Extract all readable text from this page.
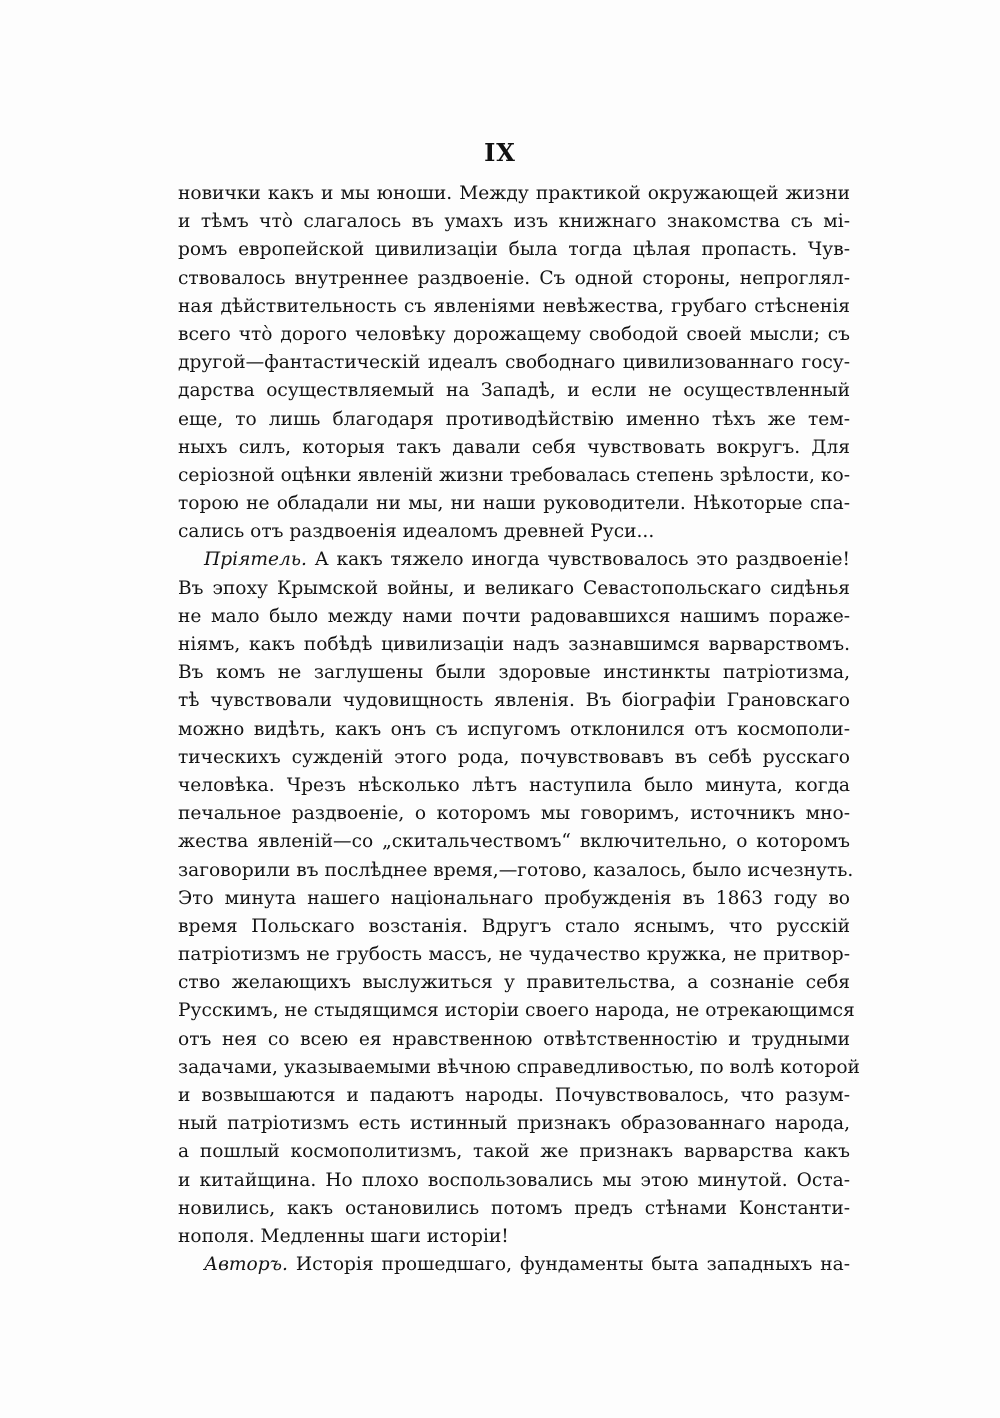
IX
новички какъ и мы юноши. Между практикой окружающей жизни
и тѣмъ что̀ слагалось въ умахъ изъ книжнаго знакомства съ мі-
ромъ европейской цивилизаціи была тогда цѣлая пропасть. Чув-
ствовалось внутреннее раздвоеніе. Съ одной стороны, непроглял-
ная дѣйствительность съ явленіями невѣжества, грубаго стѣсненія
всего что̀ дорого человѣку дорожащему свободой своей мысли; съ
другой—фантастическій идеалъ свободнаго цивилизованнаго госу-
дарства осуществляемый на Западѣ, и если не осуществленный
еще, то лишь благодаря противодѣйствію именно тѣхъ же тем-
ныхъ силъ, которыя такъ давали себя чувствовать вокругъ. Для
серіозной оцѣнки явленій жизни требовалась степень зрѣлости, ко-
торою не обладали ни мы, ни наши руководители. Нѣкоторые спа-
сались отъ раздвоенія идеаломъ древней Руси...
Пріятель. А какъ тяжело иногда чувствовалось это раздвоеніе!
Въ эпоху Крымской войны, и великаго Севастопольскаго сидѣнья
не мало было между нами почти радовавшихся нашимъ пораже-
ніямъ, какъ побѣдѣ цивилизаціи надъ зазнавшимся варварствомъ.
Въ комъ не заглушены были здоровые инстинкты патріотизма,
тѣ чувствовали чудовищность явленія. Въ біографіи Грановскаго
можно видѣть, какъ онъ съ испугомъ отклонился отъ космополи-
тическихъ сужденій этого рода, почувствовавъ въ себѣ русскаго
человѣка. Чрезъ нѣсколько лѣтъ наступила было минута, когда
печальное раздвоеніе, о которомъ мы говоримъ, источникъ мно-
жества явленій—со „скитальчествомъ“ включительно, о которомъ
заговорили въ послѣднее время,—готово, казалось, было исчезнуть.
Это минута нашего національнаго пробужденія въ 1863 году во
время Польскаго возстанія. Вдругъ стало яснымъ, что русскій
патріотизмъ не грубость массъ, не чудачество кружка, не притвор-
ство желающихъ выслужиться у правительства, а сознаніе себя
Русскимъ, не стыдящимся исторіи своего народа, не отрекающимся
отъ нея со всею ея нравственною отвѣтственностію и трудными
задачами, указываемыми вѣчною справедливостью, по волѣ которой
и возвышаются и падаютъ народы. Почувствовалось, что разум-
ный патріотизмъ есть истинный признакъ образованнаго народа,
а пошлый космополитизмъ, такой же признакъ варварства какъ
и китайщина. Но плохо воспользовались мы этою минутой. Оста-
новились, какъ остановились потомъ предъ стѣнами Константи-
нополя. Медленны шаги исторіи!
Авторъ. Исторія прошедшаго, фундаменты быта западныхъ на-
